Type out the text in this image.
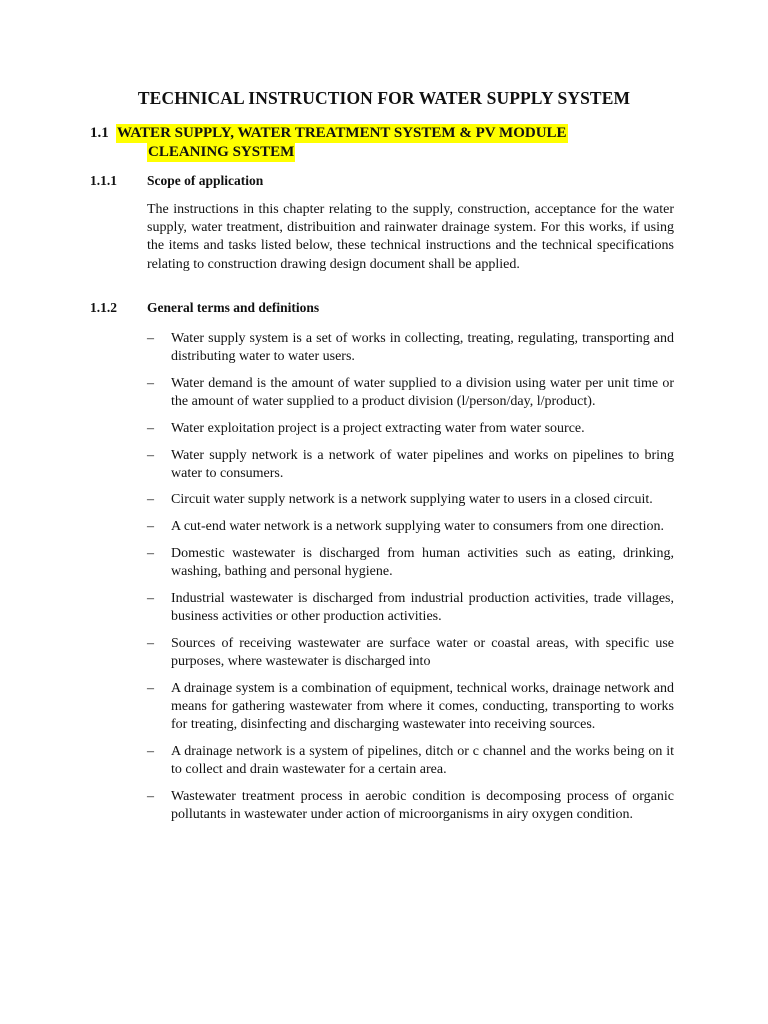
TECHNICAL INSTRUCTION FOR WATER SUPPLY SYSTEM
1.1 WATER SUPPLY, WATER TREATMENT SYSTEM & PV MODULE
CLEANING SYSTEM
1.1.1 Scope of application
The instructions in this chapter relating to the supply, construction, acceptance for the water supply, water treatment, distribuition and rainwater drainage system. For this works, if using the items and tasks listed below, these technical instructions and the technical specifications relating to construction drawing design document shall be applied.
1.1.2 General terms and definitions
– Water supply system is a set of works in collecting, treating, regulating, transporting and distributing water to water users.
– Water demand is the amount of water supplied to a division using water per unit time or the amount of water supplied to a product division (l/person/day, l/product).
– Water exploitation project is a project extracting water from water source.
– Water supply network is a network of water pipelines and works on pipelines to bring water to consumers.
– Circuit water supply network is a network supplying water to users in a closed circuit.
– A cut-end water network is a network supplying water to consumers from one direction.
– Domestic wastewater is discharged from human activities such as eating, drinking, washing, bathing and personal hygiene.
– Industrial wastewater is discharged from industrial production activities, trade villages, business activities or other production activities.
– Sources of receiving wastewater are surface water or coastal areas, with specific use purposes, where wastewater is discharged into
– A drainage system is a combination of equipment, technical works, drainage network and means for gathering wastewater from where it comes, conducting, transporting to works for treating, disinfecting and discharging wastewater into receiving sources.
– A drainage network is a system of pipelines, ditch or c channel and the works being on it to collect and drain wastewater for a certain area.
– Wastewater treatment process in aerobic condition is decomposing process of organic pollutants in wastewater under action of microorganisms in airy oxygen condition.
